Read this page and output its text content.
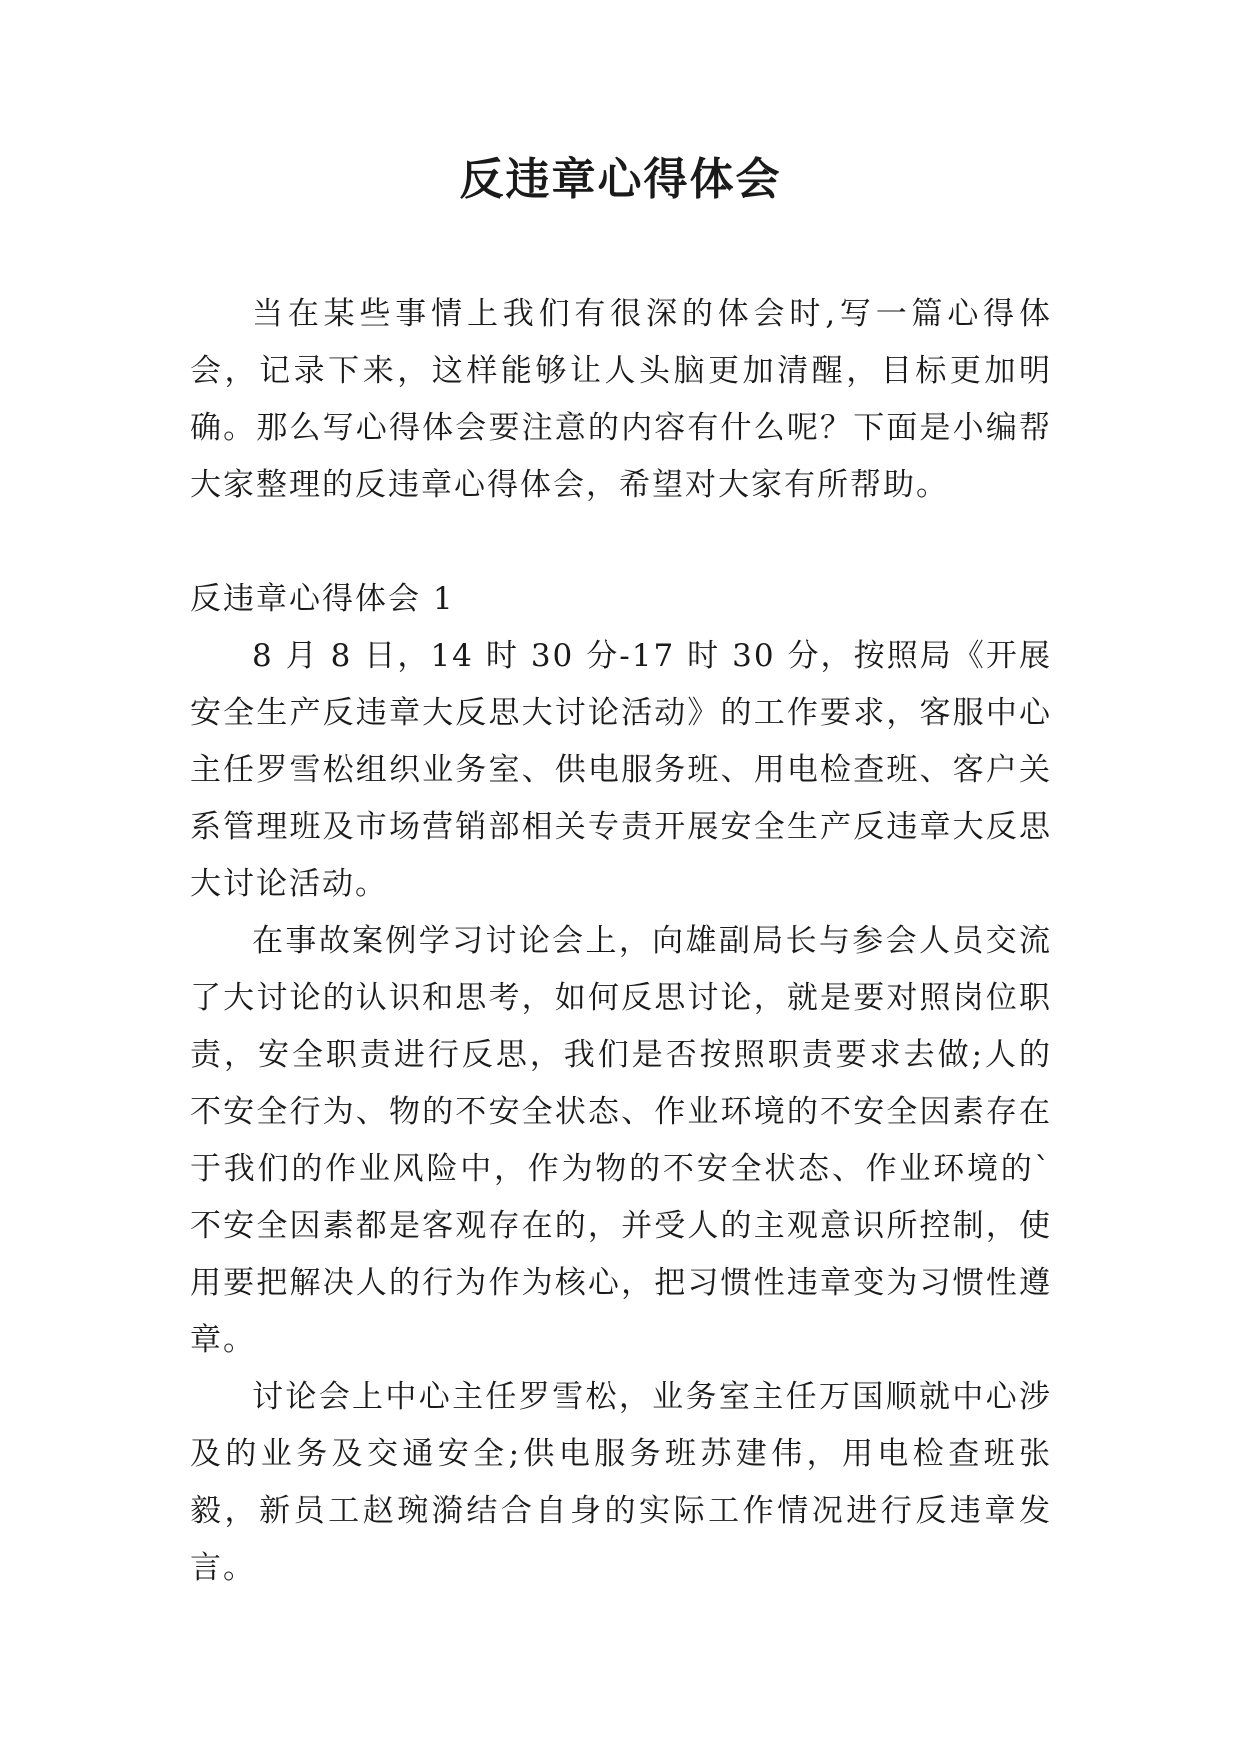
反违章心得体会

当在某些事情上我们有很深的体会时,写一篇心得体会，记录下来，这样能够让人头脑更加清醒，目标更加明确。那么写心得体会要注意的内容有什么呢？下面是小编帮大家整理的反违章心得体会，希望对大家有所帮助。

反违章心得体会 1

8 月 8 日，14 时 30 分-17 时 30 分，按照局《开展安全生产反违章大反思大讨论活动》的工作要求，客服中心主任罗雪松组织业务室、供电服务班、用电检查班、客户关系管理班及市场营销部相关专责开展安全生产反违章大反思大讨论活动。

在事故案例学习讨论会上，向雄副局长与参会人员交流了大讨论的认识和思考，如何反思讨论，就是要对照岗位职责，安全职责进行反思，我们是否按照职责要求去做;人的不安全行为、物的不安全状态、作业环境的不安全因素存在于我们的作业风险中，作为物的不安全状态、作业环境的`不安全因素都是客观存在的，并受人的主观意识所控制，使用要把解决人的行为作为核心，把习惯性违章变为习惯性遵章。

讨论会上中心主任罗雪松，业务室主任万国顺就中心涉及的业务及交通安全;供电服务班苏建伟，用电检查班张毅，新员工赵琬漪结合自身的实际工作情况进行反违章发言。
